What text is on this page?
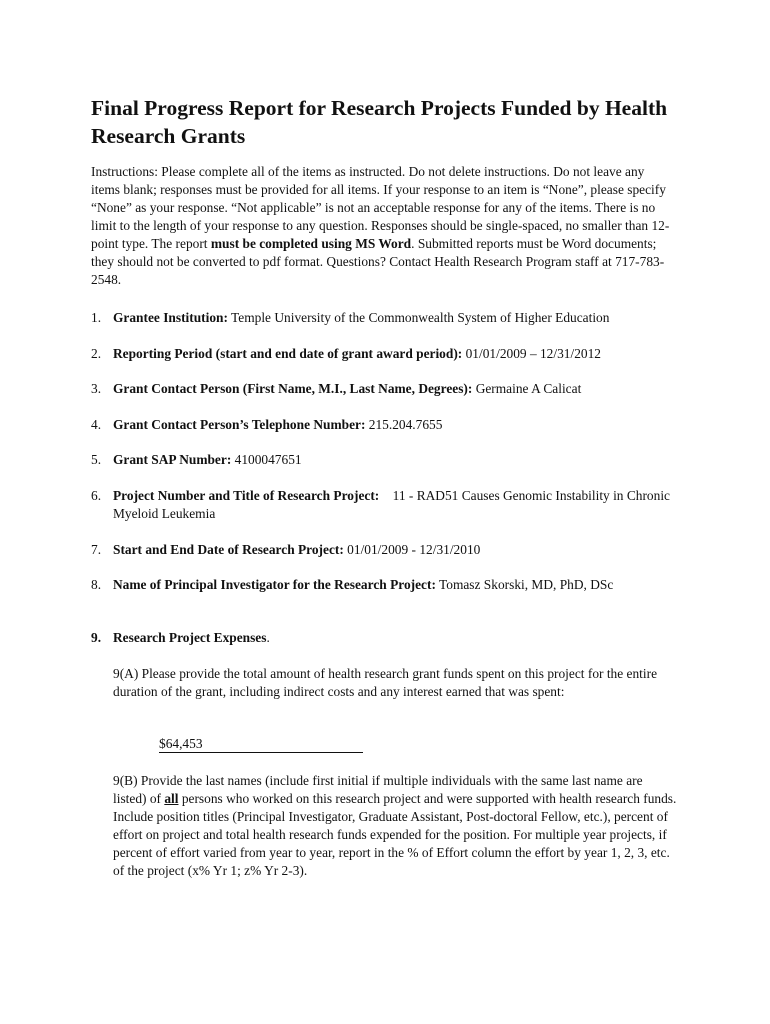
Final Progress Report for Research Projects Funded by Health Research Grants

Instructions: Please complete all of the items as instructed. Do not delete instructions. Do not leave any items blank; responses must be provided for all items. If your response to an item is “None”, please specify “None” as your response. “Not applicable” is not an acceptable response for any of the items. There is no limit to the length of your response to any question. Responses should be single-spaced, no smaller than 12-point type. The report must be completed using MS Word. Submitted reports must be Word documents; they should not be converted to pdf format. Questions? Contact Health Research Program staff at 717-783-2548.

1. Grantee Institution: Temple University of the Commonwealth System of Higher Education
2. Reporting Period (start and end date of grant award period): 01/01/2009 – 12/31/2012
3. Grant Contact Person (First Name, M.I., Last Name, Degrees): Germaine A Calicat
4. Grant Contact Person’s Telephone Number: 215.204.7655
5. Grant SAP Number: 4100047651
6. Project Number and Title of Research Project:    11 - RAD51 Causes Genomic Instability in Chronic Myeloid Leukemia
7. Start and End Date of Research Project: 01/01/2009 - 12/31/2010
8. Name of Principal Investigator for the Research Project: Tomasz Skorski, MD, PhD, DSc
9. Research Project Expenses.

9(A) Please provide the total amount of health research grant funds spent on this project for the entire duration of the grant, including indirect costs and any interest earned that was spent:

$64,453

9(B) Provide the last names (include first initial if multiple individuals with the same last name are listed) of all persons who worked on this research project and were supported with health research funds. Include position titles (Principal Investigator, Graduate Assistant, Post-doctoral Fellow, etc.), percent of effort on project and total health research funds expended for the position. For multiple year projects, if percent of effort varied from year to year, report in the % of Effort column the effort by year 1, 2, 3, etc. of the project (x% Yr 1; z% Yr 2-3).
